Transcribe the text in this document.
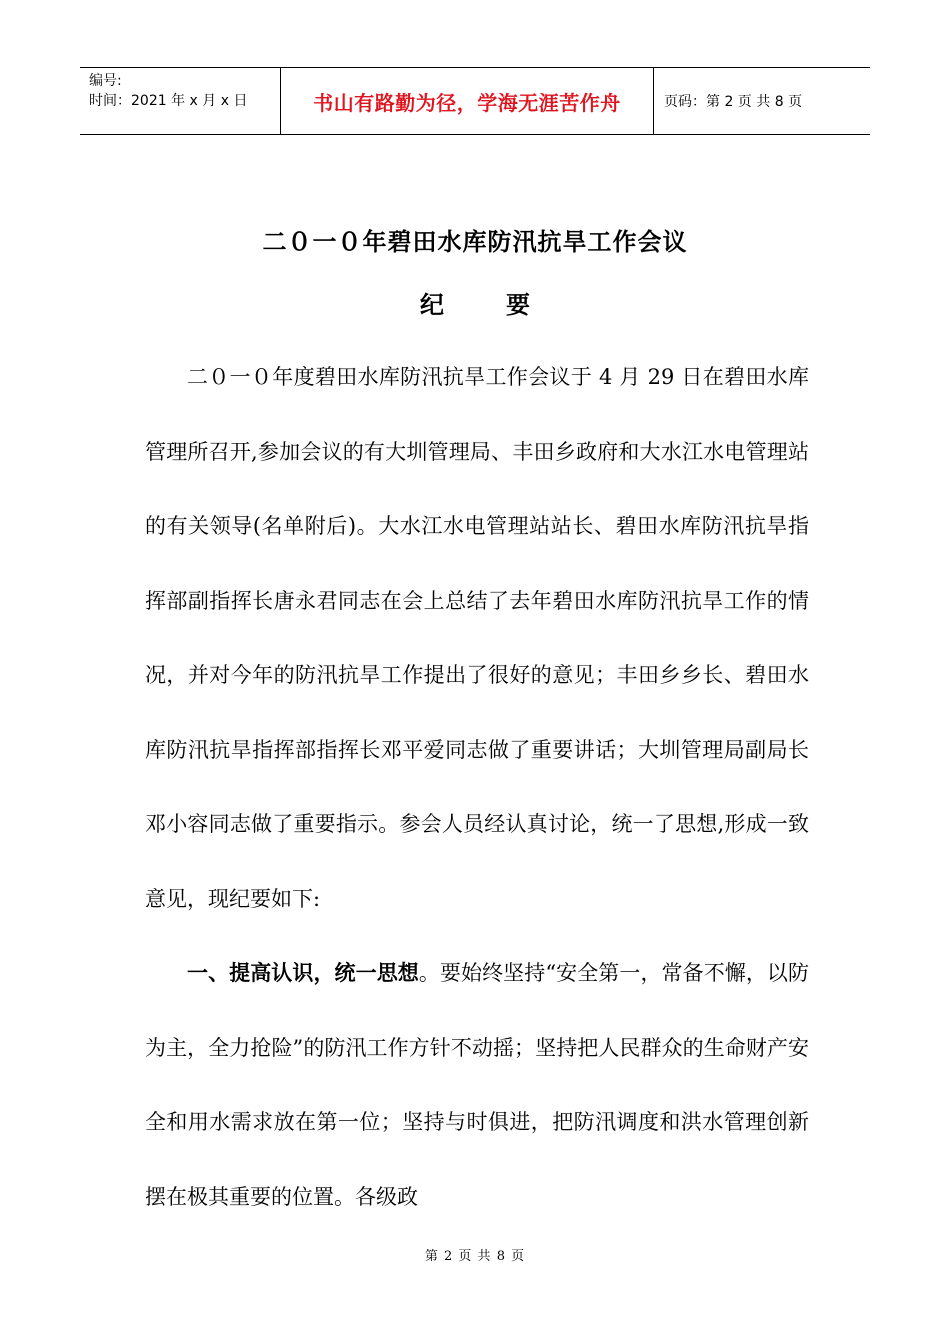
编号:
时间：2021 年 x 月 x 日	书山有路勤为径，学海无涯苦作舟	页码：第 2 页 共 8 页
二０一０年碧田水库防汛抗旱工作会议
纪要

二０一０年度碧田水库防汛抗旱工作会议于 4 月 29 日在碧田水库管理所召开,参加会议的有大圳管理局、丰田乡政府和大水江水电管理站的有关领导(名单附后)。大水江水电管理站站长、碧田水库防汛抗旱指挥部副指挥长唐永君同志在会上总结了去年碧田水库防汛抗旱工作的情况，并对今年的防汛抗旱工作提出了很好的意见；丰田乡乡长、碧田水库防汛抗旱指挥部指挥长邓平爱同志做了重要讲话；大圳管理局副局长邓小容同志做了重要指示。参会人员经认真讨论，统一了思想,形成一致意见，现纪要如下:

一、提高认识，统一思想。要始终坚持“安全第一，常备不懈，以防为主，全力抢险”的防汛工作方针不动摇；坚持把人民群众的生命财产安全和用水需求放在第一位；坚持与时俱进，把防汛调度和洪水管理创新摆在极其重要的位置。各级政

第 2 页 共 8 页
